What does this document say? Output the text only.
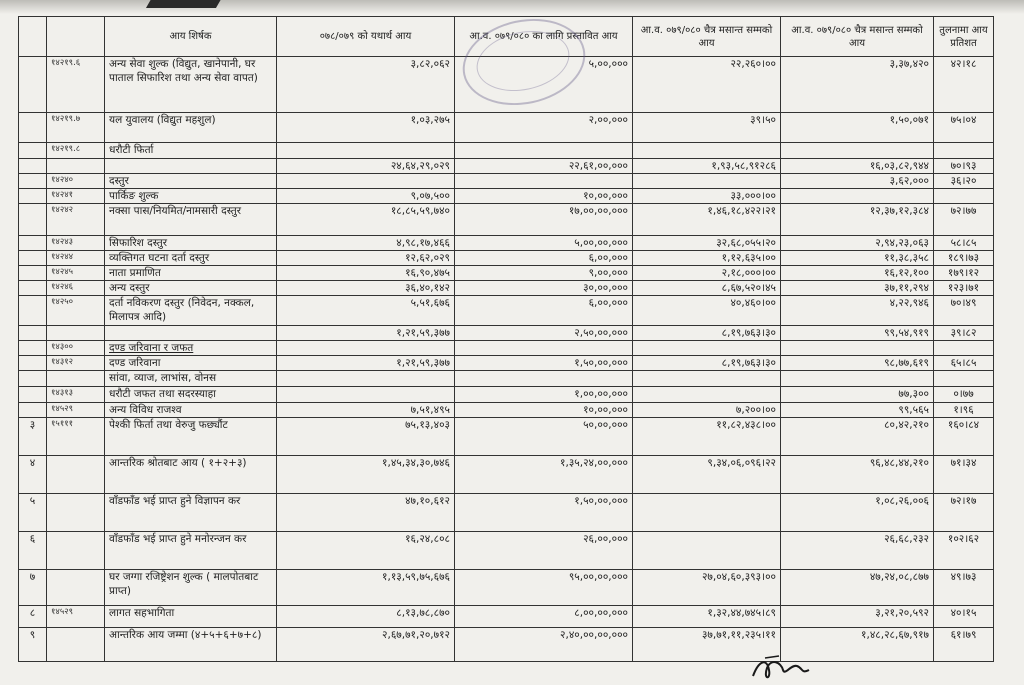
		आय शिर्षक	०७८/०७९ को यथार्थ आय	आ.व. ०७९/०८० का लागि प्रस्तावित आय	आ.व. ०७९/०८० चैत्र मसान्त सम्मको आय	आ.व. ०७९/०८० चैत्र मसान्त सम्मको आय	तुलनामा आय प्रतिशत
	१४२१९.६	अन्य सेवा शुल्क (विद्युत, खानेपानी, घर पाताल सिफारिश तथा अन्य सेवा वापत)	३,८२,०६२	५,००,०००	२२,२६०।००	३,३७,४२०	४२।१८
	१४२१९.७	यल युवालय (विद्युत महशुल)	१,०३,२७५	२,००,०००	३९।५०	१,५०,०७१	७५।०४
	१४२१९.८	धरौटी फिर्ता					
			२४,६४,२९,०२९	२२,६१,००,०००	१,९३,५८,९१२८६	१६,०३,८२,९४४	७०।९३
	१४२४०	दस्तुर				३,६२,०००	३६।२०
	१४२४१	पार्किङ शुल्क	९,०७,५००	१०,००,०००	३३,०००।००		
	१४२४२	नक्सा पास/नियमित/नामसारी दस्तुर	१८,८५,५९,७४०	१७,००,००,०००	१,४६,१८,४२२।२१	१२,३७,१२,३८४	७२।७७
	१४२४३	सिफारिश दस्तुर	४,९८,१७,४६६	५,००,००,०००	३२,६८,०५५।२०	२,९४,२३,०६३	५८।८५
	१४२४४	व्यक्तिगत घटना दर्ता दस्तुर	१२,६२,०२९	६,००,०००	१,१२,६३५।००	११,३८,३५८	१८९।७३
	१४२४५	नाता प्रमाणित	१६,९०,४७५	९,००,०००	२,१८,०००।००	१६,१२,१००	१७९।१२
	१४२४६	अन्य दस्तुर	३६,४०,१४२	३०,००,०००	८,६७,५२०।४५	३७,११,२९४	१२३।७१
	१४२५०	दर्ता नविकरण दस्तुर (निवेदन, नक्कल, मिलापत्र आदि)	५,५१,६७६	६,००,०००	४०,४६०।००	४,२२,९४६	७०।४९
			१,२१,५९,३७७	२,५०,००,०००	८,१९,७६३।३०	९९,५४,९१९	३९।८२
	१४३००	दण्ड जरिवाना र जफत					
	१४३१२	दण्ड जरिवाना	१,२१,५९,३७७	१,५०,००,०००	८,१९,७६३।३०	९८,७७,६१९	६५।८५
		सांवा, व्याज, लाभांस, वोनस					
	१४३१३	धरौटी जफत तथा सदरस्याहा		१,००,००,०००		७७,३००	०।७७
	१४५२९	अन्य विविध राजश्व	७,५१,४९५	१०,००,०००	७,२००।००	९९,५६५	१।९६
३	१५१११	पेश्की फिर्ता तथा वेरुजु फछ्यौंट	७५,१३,४०३	५०,००,०००	११,८२,४३८।००	८०,४२,२१०	१६०।८४
४		आन्तरिक श्रोतबाट आय ( १+२+३)	१,४५,३४,३०,७४६	१,३५,२४,००,०००	९,३४,०६,०९६।२२	९६,४८,४४,२१०	७१।३४
५		वाँडफाँड भई प्राप्त हुने विज्ञापन कर	४७,१०,६१२	१,५०,००,०००		१,०८,२६,००६	७२।१७
६		वाँडफाँड भई प्राप्त हुने मनोरन्जन कर	१६,२४,८०८	२६,००,०००		२६,६८,२३२	१०२।६२
७		घर जग्गा रजिष्ट्रेशन शुल्क ( मालपोतबाट प्राप्त)	१,१३,५९,७५,६७६	९५,००,००,०००	२७,०४,६०,३९३।००	४७,२४,०८,८७७	४९।७३
८	१४५२९	लागत सहभागिता	८,१३,७८,८७०	८,००,००,०००	१,३२,४४,७४५।८९	३,२१,२०,५९२	४०।१५
९		आन्तरिक आय जम्मा (४+५+६+७+८)	२,६७,७१,२०,७१२	२,४०,००,००,०००	३७,७१,११,२३५।११	१,४८,२८,६७,९१७	६१।७९
